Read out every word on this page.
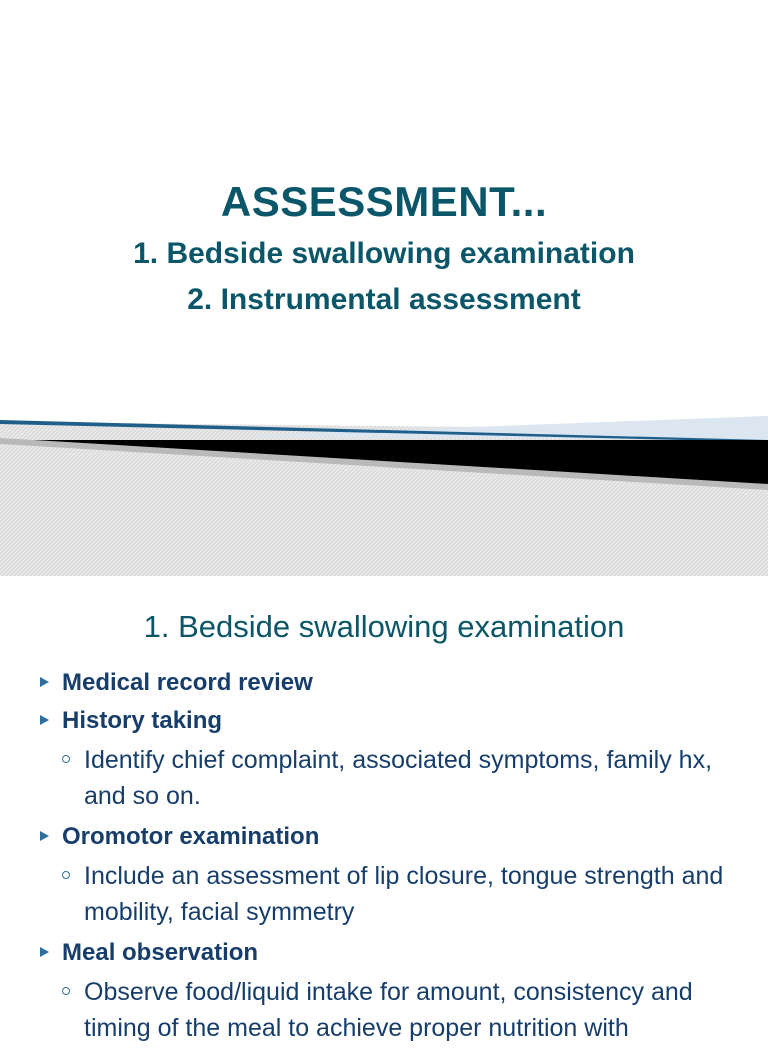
ASSESSMENT...
1. Bedside swallowing examination
2. Instrumental assessment
1. Bedside swallowing examination
Medical record review
History taking
Identify chief complaint, associated symptoms, family hx, and so on.
Oromotor examination
Include an assessment of lip closure, tongue strength and mobility, facial symmetry
Meal observation
Observe food/liquid intake for amount, consistency and timing of the meal to achieve proper nutrition with
